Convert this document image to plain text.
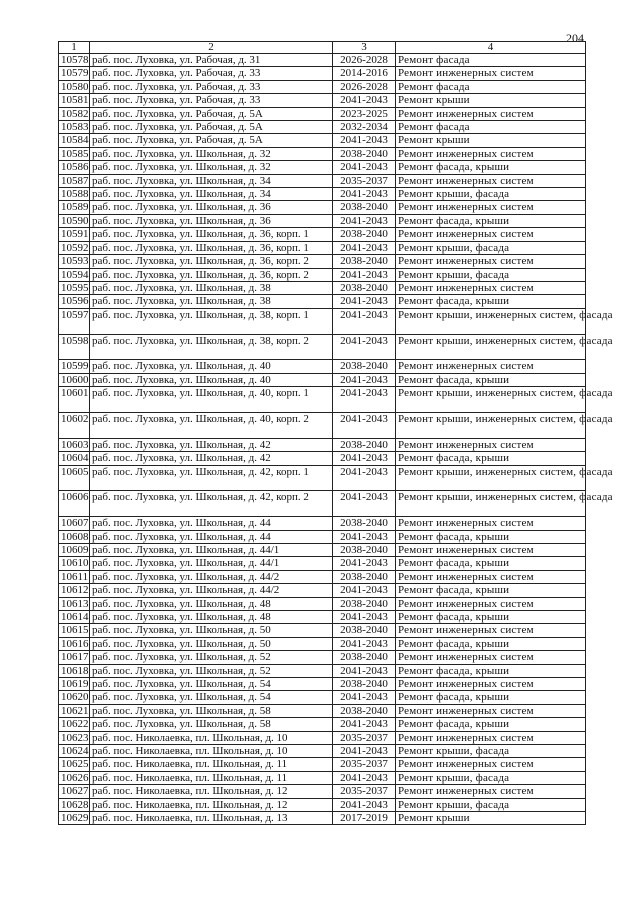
204
1	2	3	4
10578	раб. пос. Луховка, ул. Рабочая, д. 31	2026-2028	Ремонт фасада
10579	раб. пос. Луховка, ул. Рабочая, д. 33	2014-2016	Ремонт инженерных систем
10580	раб. пос. Луховка, ул. Рабочая, д. 33	2026-2028	Ремонт фасада
10581	раб. пос. Луховка, ул. Рабочая, д. 33	2041-2043	Ремонт крыши
10582	раб. пос. Луховка, ул. Рабочая, д. 5А	2023-2025	Ремонт инженерных систем
10583	раб. пос. Луховка, ул. Рабочая, д. 5А	2032-2034	Ремонт фасада
10584	раб. пос. Луховка, ул. Рабочая, д. 5А	2041-2043	Ремонт крыши
10585	раб. пос. Луховка, ул. Школьная, д. 32	2038-2040	Ремонт инженерных систем
10586	раб. пос. Луховка, ул. Школьная, д. 32	2041-2043	Ремонт фасада, крыши
10587	раб. пос. Луховка, ул. Школьная, д. 34	2035-2037	Ремонт инженерных систем
10588	раб. пос. Луховка, ул. Школьная, д. 34	2041-2043	Ремонт крыши, фасада
10589	раб. пос. Луховка, ул. Школьная, д. 36	2038-2040	Ремонт инженерных систем
10590	раб. пос. Луховка, ул. Школьная, д. 36	2041-2043	Ремонт фасада, крыши
10591	раб. пос. Луховка, ул. Школьная, д. 36, корп. 1	2038-2040	Ремонт инженерных систем
10592	раб. пос. Луховка, ул. Школьная, д. 36, корп. 1	2041-2043	Ремонт крыши, фасада
10593	раб. пос. Луховка, ул. Школьная, д. 36, корп. 2	2038-2040	Ремонт инженерных систем
10594	раб. пос. Луховка, ул. Школьная, д. 36, корп. 2	2041-2043	Ремонт крыши, фасада
10595	раб. пос. Луховка, ул. Школьная, д. 38	2038-2040	Ремонт инженерных систем
10596	раб. пос. Луховка, ул. Школьная, д. 38	2041-2043	Ремонт фасада, крыши
10597	раб. пос. Луховка, ул. Школьная, д. 38, корп. 1	2041-2043	Ремонт крыши, инженерных систем, фасада
10598	раб. пос. Луховка, ул. Школьная, д. 38, корп. 2	2041-2043	Ремонт крыши, инженерных систем, фасада
10599	раб. пос. Луховка, ул. Школьная, д. 40	2038-2040	Ремонт инженерных систем
10600	раб. пос. Луховка, ул. Школьная, д. 40	2041-2043	Ремонт фасада, крыши
10601	раб. пос. Луховка, ул. Школьная, д. 40, корп. 1	2041-2043	Ремонт крыши, инженерных систем, фасада
10602	раб. пос. Луховка, ул. Школьная, д. 40, корп. 2	2041-2043	Ремонт крыши, инженерных систем, фасада
10603	раб. пос. Луховка, ул. Школьная, д. 42	2038-2040	Ремонт инженерных систем
10604	раб. пос. Луховка, ул. Школьная, д. 42	2041-2043	Ремонт фасада, крыши
10605	раб. пос. Луховка, ул. Школьная, д. 42, корп. 1	2041-2043	Ремонт крыши, инженерных систем, фасада
10606	раб. пос. Луховка, ул. Школьная, д. 42, корп. 2	2041-2043	Ремонт крыши, инженерных систем, фасада
10607	раб. пос. Луховка, ул. Школьная, д. 44	2038-2040	Ремонт инженерных систем
10608	раб. пос. Луховка, ул. Школьная, д. 44	2041-2043	Ремонт фасада, крыши
10609	раб. пос. Луховка, ул. Школьная, д. 44/1	2038-2040	Ремонт инженерных систем
10610	раб. пос. Луховка, ул. Школьная, д. 44/1	2041-2043	Ремонт фасада, крыши
10611	раб. пос. Луховка, ул. Школьная, д. 44/2	2038-2040	Ремонт инженерных систем
10612	раб. пос. Луховка, ул. Школьная, д. 44/2	2041-2043	Ремонт фасада, крыши
10613	раб. пос. Луховка, ул. Школьная, д. 48	2038-2040	Ремонт инженерных систем
10614	раб. пос. Луховка, ул. Школьная, д. 48	2041-2043	Ремонт фасада, крыши
10615	раб. пос. Луховка, ул. Школьная, д. 50	2038-2040	Ремонт инженерных систем
10616	раб. пос. Луховка, ул. Школьная, д. 50	2041-2043	Ремонт фасада, крыши
10617	раб. пос. Луховка, ул. Школьная, д. 52	2038-2040	Ремонт инженерных систем
10618	раб. пос. Луховка, ул. Школьная, д. 52	2041-2043	Ремонт фасада, крыши
10619	раб. пос. Луховка, ул. Школьная, д. 54	2038-2040	Ремонт инженерных систем
10620	раб. пос. Луховка, ул. Школьная, д. 54	2041-2043	Ремонт фасада, крыши
10621	раб. пос. Луховка, ул. Школьная, д. 58	2038-2040	Ремонт инженерных систем
10622	раб. пос. Луховка, ул. Школьная, д. 58	2041-2043	Ремонт фасада, крыши
10623	раб. пос. Николаевка, пл. Школьная, д. 10	2035-2037	Ремонт инженерных систем
10624	раб. пос. Николаевка, пл. Школьная, д. 10	2041-2043	Ремонт крыши, фасада
10625	раб. пос. Николаевка, пл. Школьная, д. 11	2035-2037	Ремонт инженерных систем
10626	раб. пос. Николаевка, пл. Школьная, д. 11	2041-2043	Ремонт крыши, фасада
10627	раб. пос. Николаевка, пл. Школьная, д. 12	2035-2037	Ремонт инженерных систем
10628	раб. пос. Николаевка, пл. Школьная, д. 12	2041-2043	Ремонт крыши, фасада
10629	раб. пос. Николаевка, пл. Школьная, д. 13	2017-2019	Ремонт крыши
